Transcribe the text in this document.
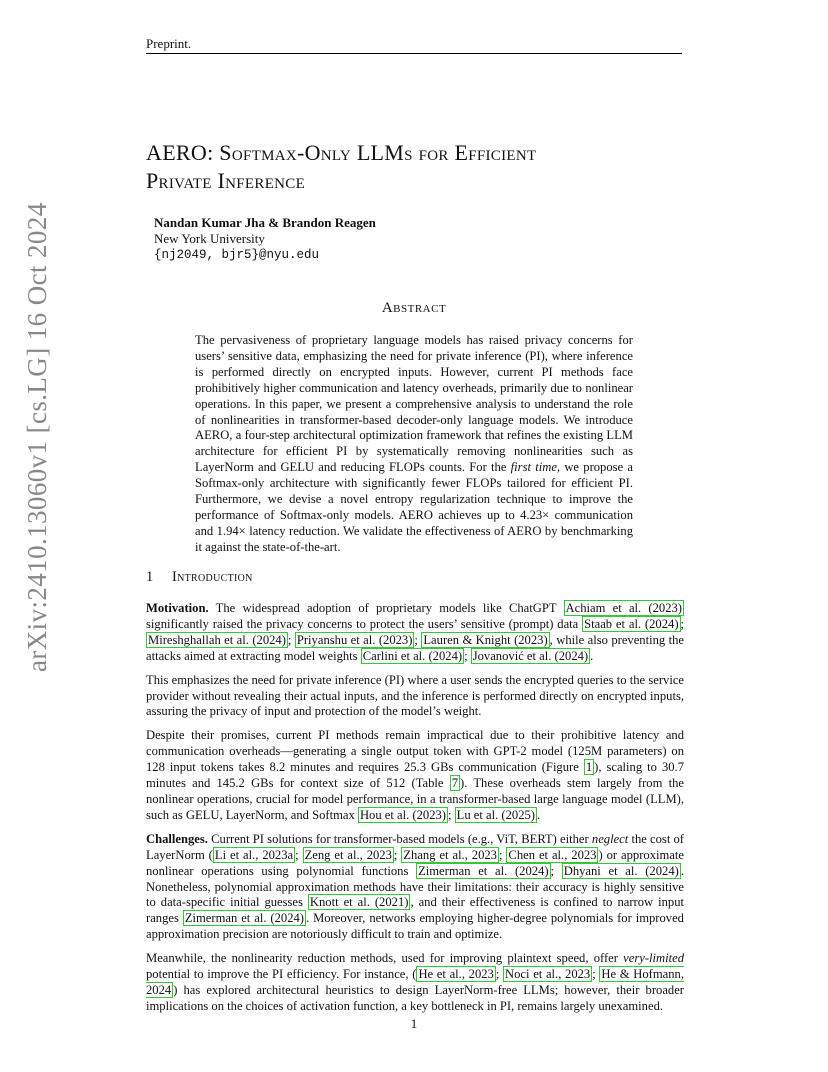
Preprint.
arXiv:2410.13060v1 [cs.LG] 16 Oct 2024
AERO: Softmax-Only LLMs for Efficient
Private Inference
Nandan Kumar Jha & Brandon Reagen
New York University
{nj2049, bjr5}@nyu.edu
Abstract

The pervasiveness of proprietary language models has raised privacy concerns for users’ sensitive data, emphasizing the need for private inference (PI), where inference is performed directly on encrypted inputs. However, current PI methods face prohibitively higher communication and latency overheads, primarily due to nonlinear operations. In this paper, we present a comprehensive analysis to understand the role of nonlinearities in transformer-based decoder-only language models. We introduce AERO, a four-step architectural optimization framework that refines the existing LLM architecture for efficient PI by systematically removing nonlinearities such as LayerNorm and GELU and reducing FLOPs counts. For the first time, we propose a Softmax-only architecture with significantly fewer FLOPs tailored for efficient PI. Furthermore, we devise a novel entropy regularization technique to improve the performance of Softmax-only models. AERO achieves up to 4.23× communication and 1.94× latency reduction. We validate the effectiveness of AERO by benchmarking it against the state-of-the-art.

1 Introduction

Motivation. The widespread adoption of proprietary models like ChatGPT Achiam et al. (2023) significantly raised the privacy concerns to protect the users’ sensitive (prompt) data Staab et al. (2024) ; Mireshghallah et al. (2024) ; Priyanshu et al. (2023) ; Lauren & Knight (2023) , while also preventing the attacks aimed at extracting model weights Carlini et al. (2024) ; Jovanović et al. (2024) .

This emphasizes the need for private inference (PI) where a user sends the encrypted queries to the service provider without revealing their actual inputs, and the inference is performed directly on encrypted inputs, assuring the privacy of input and protection of the model’s weight.

Despite their promises, current PI methods remain impractical due to their prohibitive latency and communication overheads—generating a single output token with GPT-2 model (125M parameters) on 128 input tokens takes 8.2 minutes and requires 25.3 GBs communication (Figure 1 ), scaling to 30.7 minutes and 145.2 GBs for context size of 512 (Table 7 ). These overheads stem largely from the nonlinear operations, crucial for model performance, in a transformer-based large language model (LLM), such as GELU, LayerNorm, and Softmax Hou et al. (2023) ; Lu et al. (2025) .

Challenges. Current PI solutions for transformer-based models (e.g., ViT, BERT) either neglect the cost of LayerNorm ( Li et al., 2023a ; Zeng et al., 2023 ; Zhang et al., 2023 ; Chen et al., 2023 ) or approximate nonlinear operations using polynomial functions Zimerman et al. (2024) ; Dhyani et al. (2024) . Nonetheless, polynomial approximation methods have their limitations: their accuracy is highly sensitive to data-specific initial guesses Knott et al. (2021) , and their effectiveness is confined to narrow input ranges Zimerman et al. (2024) . Moreover, networks employing higher-degree polynomials for improved approximation precision are notoriously difficult to train and optimize.

Meanwhile, the nonlinearity reduction methods, used for improving plaintext speed, offer very-limited potential to improve the PI efficiency. For instance, ( He et al., 2023 ; Noci et al., 2023 ; He & Hofmann, 2024 ) has explored architectural heuristics to design LayerNorm-free LLMs; however, their broader implications on the choices of activation function, a key bottleneck in PI, remains largely unexamined.

1
